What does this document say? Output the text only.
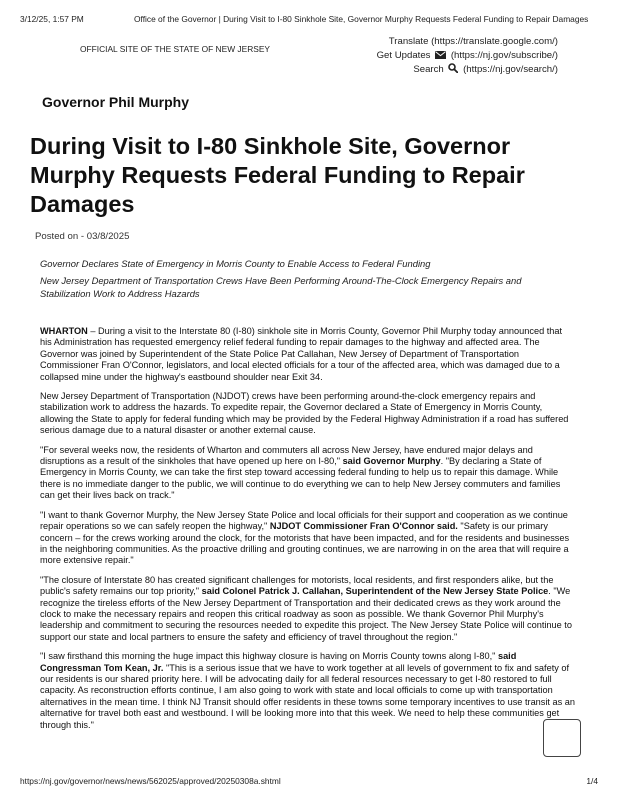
3/12/25, 1:57 PM	Office of the Governor | During Visit to I-80 Sinkhole Site, Governor Murphy Requests Federal Funding to Repair Damages
OFFICIAL SITE OF THE STATE OF NEW JERSEY
Translate (https://translate.google.com/)
Get Updates (https://nj.gov/subscribe/)
Search (https://nj.gov/search/)
Governor Phil Murphy
During Visit to I-80 Sinkhole Site, Governor Murphy Requests Federal Funding to Repair Damages
Posted on - 03/8/2025

Governor Declares State of Emergency in Morris County to Enable Access to Federal Funding

New Jersey Department of Transportation Crews Have Been Performing Around-The-Clock Emergency Repairs and Stabilization Work to Address Hazards

WHARTON – During a visit to the Interstate 80 (I-80) sinkhole site in Morris County, Governor Phil Murphy today announced that his Administration has requested emergency relief federal funding to repair damages to the highway and affected area. The Governor was joined by Superintendent of the State Police Pat Callahan, New Jersey of Department of Transportation Commissioner Fran O'Connor, legislators, and local elected officials for a tour of the affected area, which was damaged due to a collapsed mine under the highway's eastbound shoulder near Exit 34.

New Jersey Department of Transportation (NJDOT) crews have been performing around-the-clock emergency repairs and stabilization work to address the hazards. To expedite repair, the Governor declared a State of Emergency in Morris County, allowing the State to apply for federal funding which may be provided by the Federal Highway Administration if a road has suffered serious damage due to a natural disaster or another external cause.

"For several weeks now, the residents of Wharton and commuters all across New Jersey, have endured major delays and disruptions as a result of the sinkholes that have opened up here on I-80," said Governor Murphy. "By declaring a State of Emergency in Morris County, we can take the first step toward accessing federal funding to help us to repair this damage. While there is no immediate danger to the public, we will continue to do everything we can to help New Jersey commuters and families can get their lives back on track."

"I want to thank Governor Murphy, the New Jersey State Police and local officials for their support and cooperation as we continue repair operations so we can safely reopen the highway," NJDOT Commissioner Fran O'Connor said. "Safety is our primary concern – for the crews working around the clock, for the motorists that have been impacted, and for the residents and businesses in the neighboring communities. As the proactive drilling and grouting continues, we are narrowing in on the area that will require a more extensive repair."

"The closure of Interstate 80 has created significant challenges for motorists, local residents, and first responders alike, but the public's safety remains our top priority," said Colonel Patrick J. Callahan, Superintendent of the New Jersey State Police. "We recognize the tireless efforts of the New Jersey Department of Transportation and their dedicated crews as they work around the clock to make the necessary repairs and reopen this critical roadway as soon as possible. We thank Governor Phil Murphy's leadership and commitment to securing the resources needed to expedite this project. The New Jersey State Police will continue to support our state and local partners to ensure the safety and efficiency of travel throughout the region."

"I saw firsthand this morning the huge impact this highway closure is having on Morris County towns along I-80," said Congressman Tom Kean, Jr. "This is a serious issue that we have to work together at all levels of government to fix and safety of our residents is our shared priority here. I will be advocating daily for all federal resources necessary to get I-80 restored to full capacity. As reconstruction efforts continue, I am also going to work with state and local officials to come up with transportation alternatives in the mean time. I think NJ Transit should offer residents in these towns some temporary incentives to use transit as an alternative for travel both east and westbound. I will be looking more into that this week. We need to help these communities get through this."

https://nj.gov/governor/news/news/562025/approved/20250308a.shtml	1/4
